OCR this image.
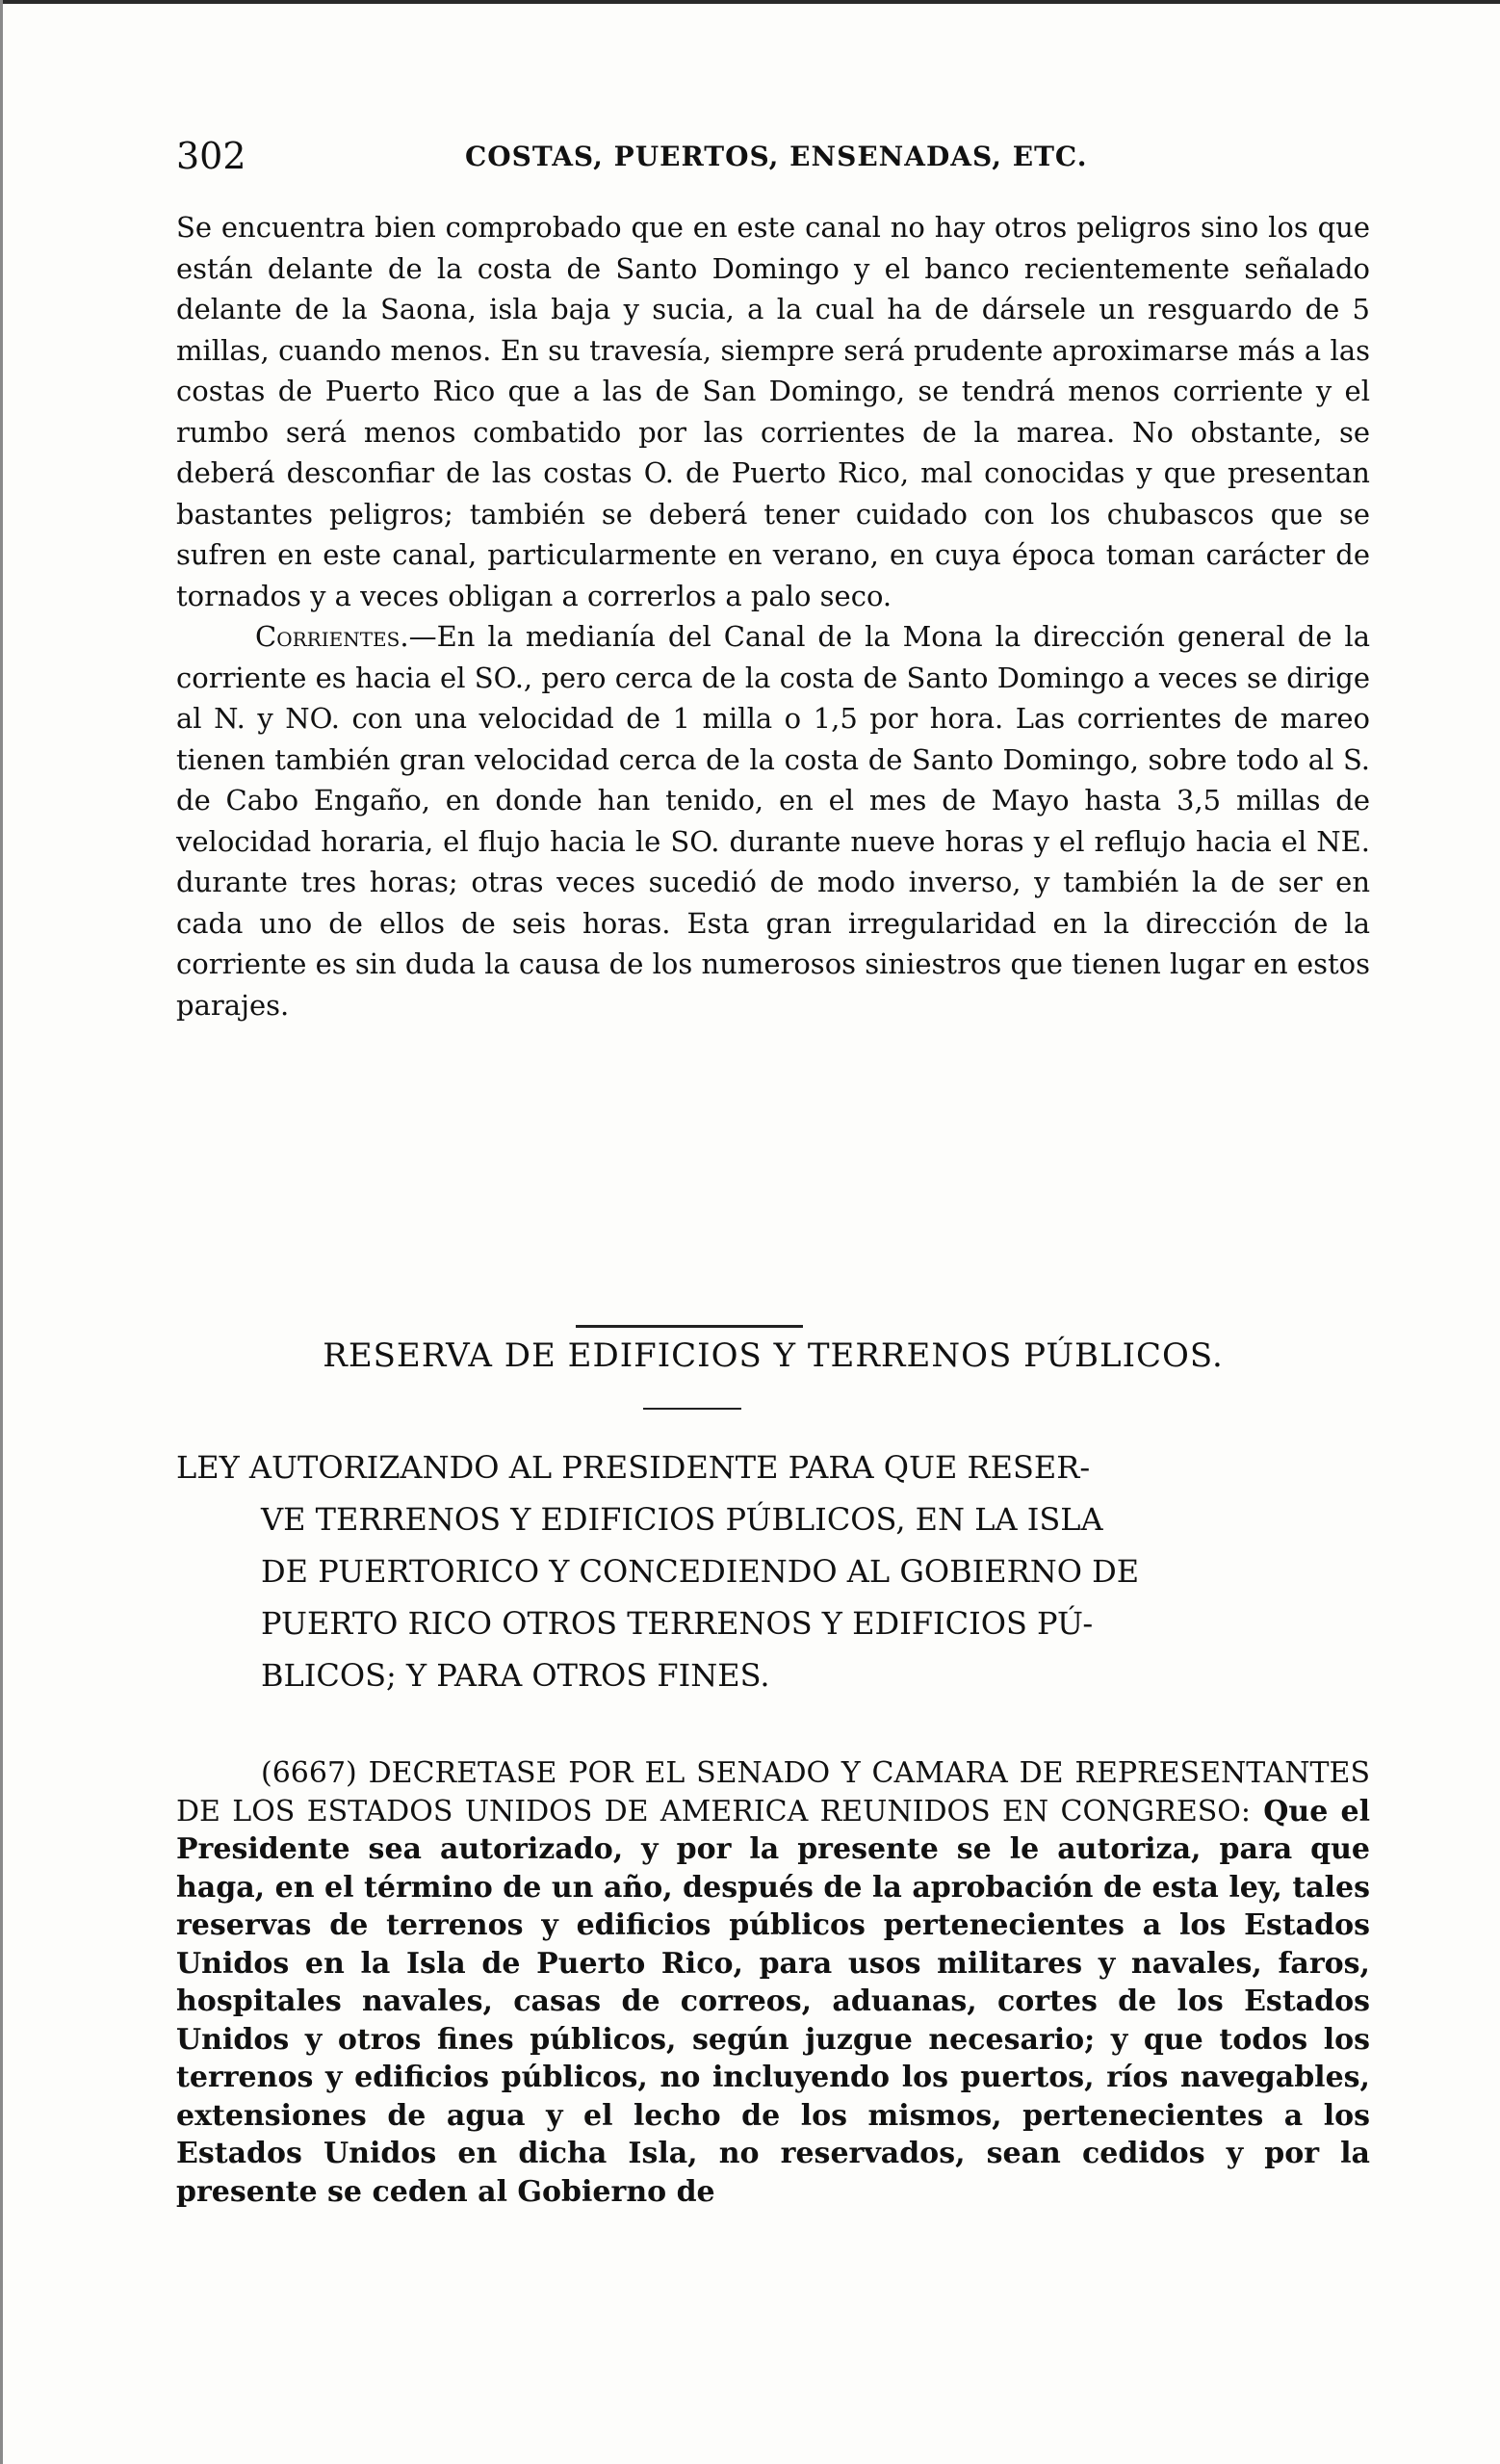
302	COSTAS, PUERTOS, ENSENADAS, ETC.

Se encuentra bien comprobado que en este canal no hay otros peligros sino los que están delante de la costa de Santo Domingo y el banco recientemente señalado delante de la Saona, isla baja y sucia, a la cual ha de dársele un resguardo de 5 millas, cuando menos. En su travesía, siempre será prudente aproximarse más a las costas de Puerto Rico que a las de San Domingo, se tendrá menos corriente y el rumbo será menos combatido por las corrientes de la marea. No obstante, se deberá desconfiar de las costas O. de Puerto Rico, mal conocidas y que presentan bastantes peligros; también se deberá tener cuidado con los chubascos que se sufren en este canal, particularmente en verano, en cuya época toman carácter de tornados y a veces obligan a correrlos a palo seco.

Corrientes.—En la medianía del Canal de la Mona la dirección general de la corriente es hacia el SO., pero cerca de la costa de Santo Domingo a veces se dirige al N. y NO. con una velocidad de 1 milla o 1,5 por hora. Las corrientes de mareo tienen también gran velocidad cerca de la costa de Santo Domingo, sobre todo al S. de Cabo Engaño, en donde han tenido, en el mes de Mayo hasta 3,5 millas de velocidad horaria, el flujo hacia le SO. durante nueve horas y el reflujo hacia el NE. durante tres horas; otras veces sucedió de modo inverso, y también la de ser en cada uno de ellos de seis horas. Esta gran irregularidad en la dirección de la corriente es sin duda la causa de los numerosos siniestros que tienen lugar en estos parajes.

RESERVA DE EDIFICIOS Y TERRENOS PÚBLICOS.
LEY AUTORIZANDO AL PRESIDENTE PARA QUE RESER-
VE TERRENOS Y EDIFICIOS PÚBLICOS, EN LA ISLA
DE PUERTORICO Y CONCEDIENDO AL GOBIERNO DE
PUERTO RICO OTROS TERRENOS Y EDIFICIOS PÚ-
BLICOS; Y PARA OTROS FINES.

(6667) DECRETASE POR EL SENADO Y CAMARA DE REPRESENTANTES DE LOS ESTADOS UNIDOS DE AMERICA REUNIDOS EN CONGRESO: Que el Presidente sea autorizado, y por la presente se le autoriza, para que haga, en el término de un año, después de la aprobación de esta ley, tales reservas de terrenos y edificios públicos pertenecientes a los Estados Unidos en la Isla de Puerto Rico, para usos militares y navales, faros, hospitales navales, casas de correos, aduanas, cortes de los Estados Unidos y otros fines públicos, según juzgue necesario; y que todos los terrenos y edificios públicos, no incluyendo los puertos, ríos navegables, extensiones de agua y el lecho de los mismos, pertenecientes a los Estados Unidos en dicha Isla, no reservados, sean cedidos y por la presente se ceden al Gobierno de
